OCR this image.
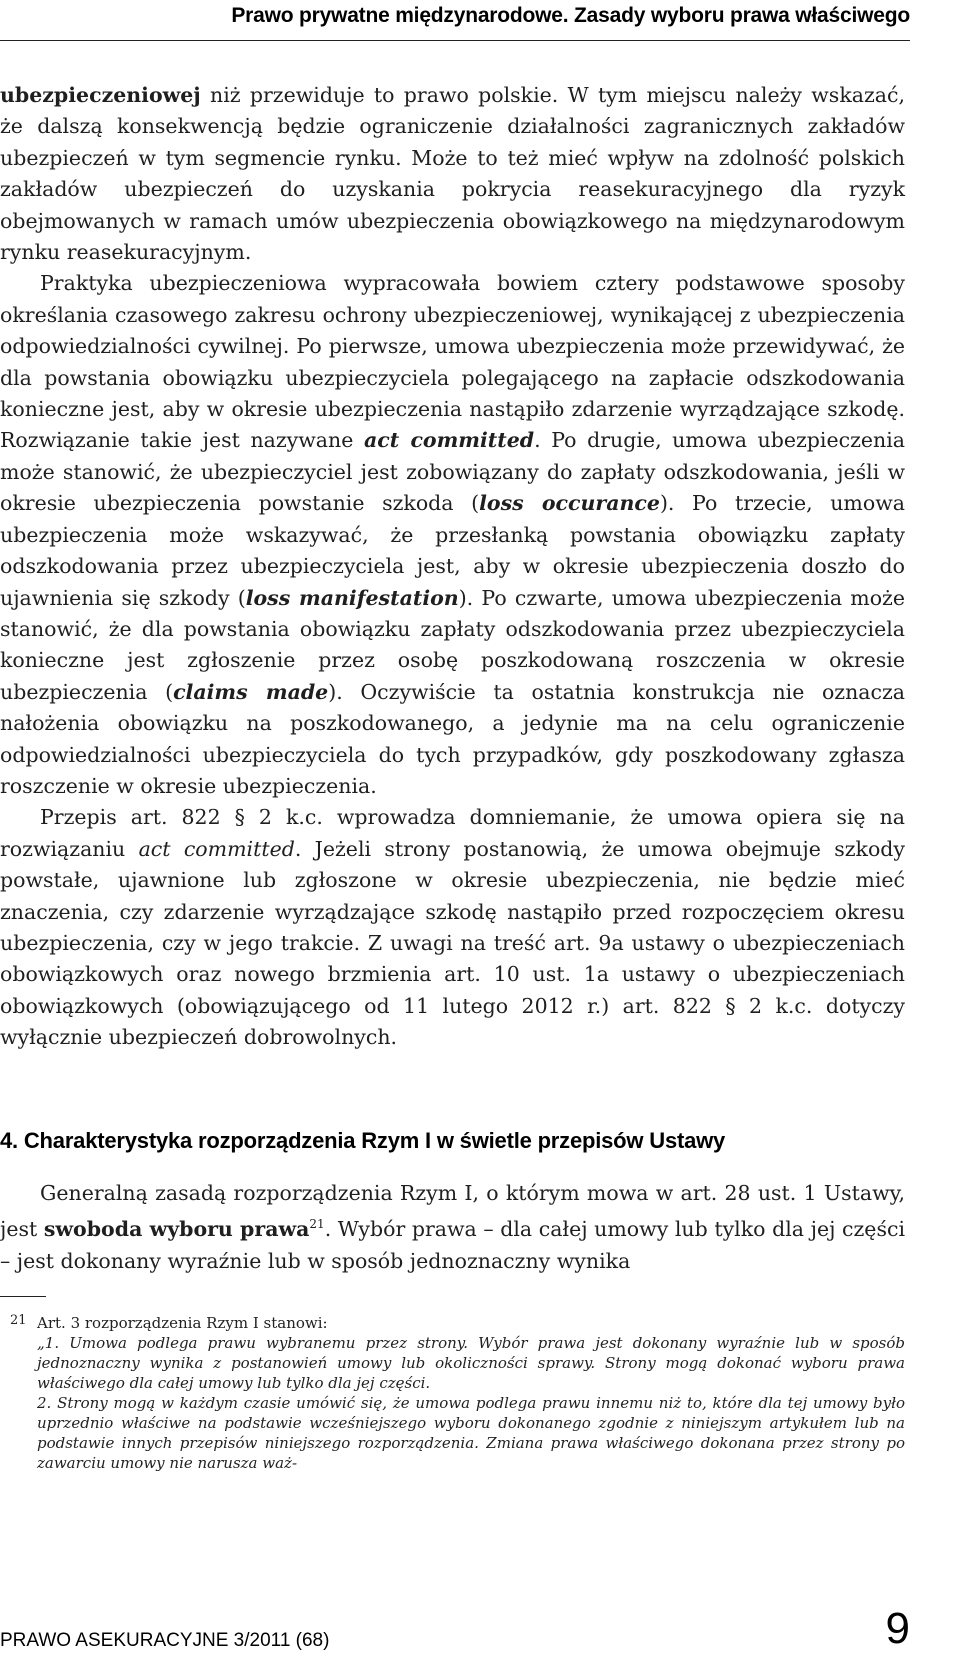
Prawo prywatne międzynarodowe. Zasady wyboru prawa właściwego

ubezpieczeniowej niż przewiduje to prawo polskie. W tym miejscu należy wskazać, że dalszą konsekwencją będzie ograniczenie działalności zagranicznych zakładów ubezpieczeń w tym segmencie rynku. Może to też mieć wpływ na zdolność polskich zakładów ubezpieczeń do uzyskania pokrycia reasekuracyjnego dla ryzyk obejmowanych w ramach umów ubezpieczenia obowiązkowego na międzynarodowym rynku reasekuracyjnym.

Praktyka ubezpieczeniowa wypracowała bowiem cztery podstawowe sposoby określania czasowego zakresu ochrony ubezpieczeniowej, wynikającej z ubezpieczenia odpowiedzialności cywilnej. Po pierwsze, umowa ubezpieczenia może przewidywać, że dla powstania obowiązku ubezpieczyciela polegającego na zapłacie odszkodowania konieczne jest, aby w okresie ubezpieczenia nastąpiło zdarzenie wyrządzające szkodę. Rozwiązanie takie jest nazywane act committed. Po drugie, umowa ubezpieczenia może stanowić, że ubezpieczyciel jest zobowiązany do zapłaty odszkodowania, jeśli w okresie ubezpieczenia powstanie szkoda (loss occurance). Po trzecie, umowa ubezpieczenia może wskazywać, że przesłanką powstania obowiązku zapłaty odszkodowania przez ubezpieczyciela jest, aby w okresie ubezpieczenia doszło do ujawnienia się szkody (loss manifestation). Po czwarte, umowa ubezpieczenia może stanowić, że dla powstania obowiązku zapłaty odszkodowania przez ubezpieczyciela konieczne jest zgłoszenie przez osobę poszkodowaną roszczenia w okresie ubezpieczenia (claims made). Oczywiście ta ostatnia konstrukcja nie oznacza nałożenia obowiązku na poszkodowanego, a jedynie ma na celu ograniczenie odpowiedzialności ubezpieczyciela do tych przypadków, gdy poszkodowany zgłasza roszczenie w okresie ubezpieczenia.

Przepis art. 822 § 2 k.c. wprowadza domniemanie, że umowa opiera się na rozwiązaniu act committed. Jeżeli strony postanowią, że umowa obejmuje szkody powstałe, ujawnione lub zgłoszone w okresie ubezpieczenia, nie będzie mieć znaczenia, czy zdarzenie wyrządzające szkodę nastąpiło przed rozpoczęciem okresu ubezpieczenia, czy w jego trakcie. Z uwagi na treść art. 9a ustawy o ubezpieczeniach obowiązkowych oraz nowego brzmienia art. 10 ust. 1a ustawy o ubezpieczeniach obowiązkowych (obowiązującego od 11 lutego 2012 r.) art. 822 § 2 k.c. dotyczy wyłącznie ubezpieczeń dobrowolnych.

4. Charakterystyka rozporządzenia Rzym I w świetle przepisów Ustawy

Generalną zasadą rozporządzenia Rzym I, o którym mowa w art. 28 ust. 1 Ustawy, jest swoboda wyboru prawa$^{21}$. Wybór prawa – dla całej umowy lub tylko dla jej części – jest dokonany wyraźnie lub w sposób jednoznaczny wynika

21 Art. 3 rozporządzenia Rzym I stanowi:
„1. Umowa podlega prawu wybranemu przez strony. Wybór prawa jest dokonany wyraźnie lub w sposób jednoznaczny wynika z postanowień umowy lub okoliczności sprawy. Strony mogą dokonać wyboru prawa właściwego dla całej umowy lub tylko dla jej części.
2. Strony mogą w każdym czasie umówić się, że umowa podlega prawu innemu niż to, które dla tej umowy było uprzednio właściwe na podstawie wcześniejszego wyboru dokonanego zgodnie z niniejszym artykułem lub na podstawie innych przepisów niniejszego rozporządzenia. Zmiana prawa właściwego dokonana przez strony po zawarciu umowy nie narusza waż-
PRAWO ASEKURACYJNE 3/2011 (68)	9
